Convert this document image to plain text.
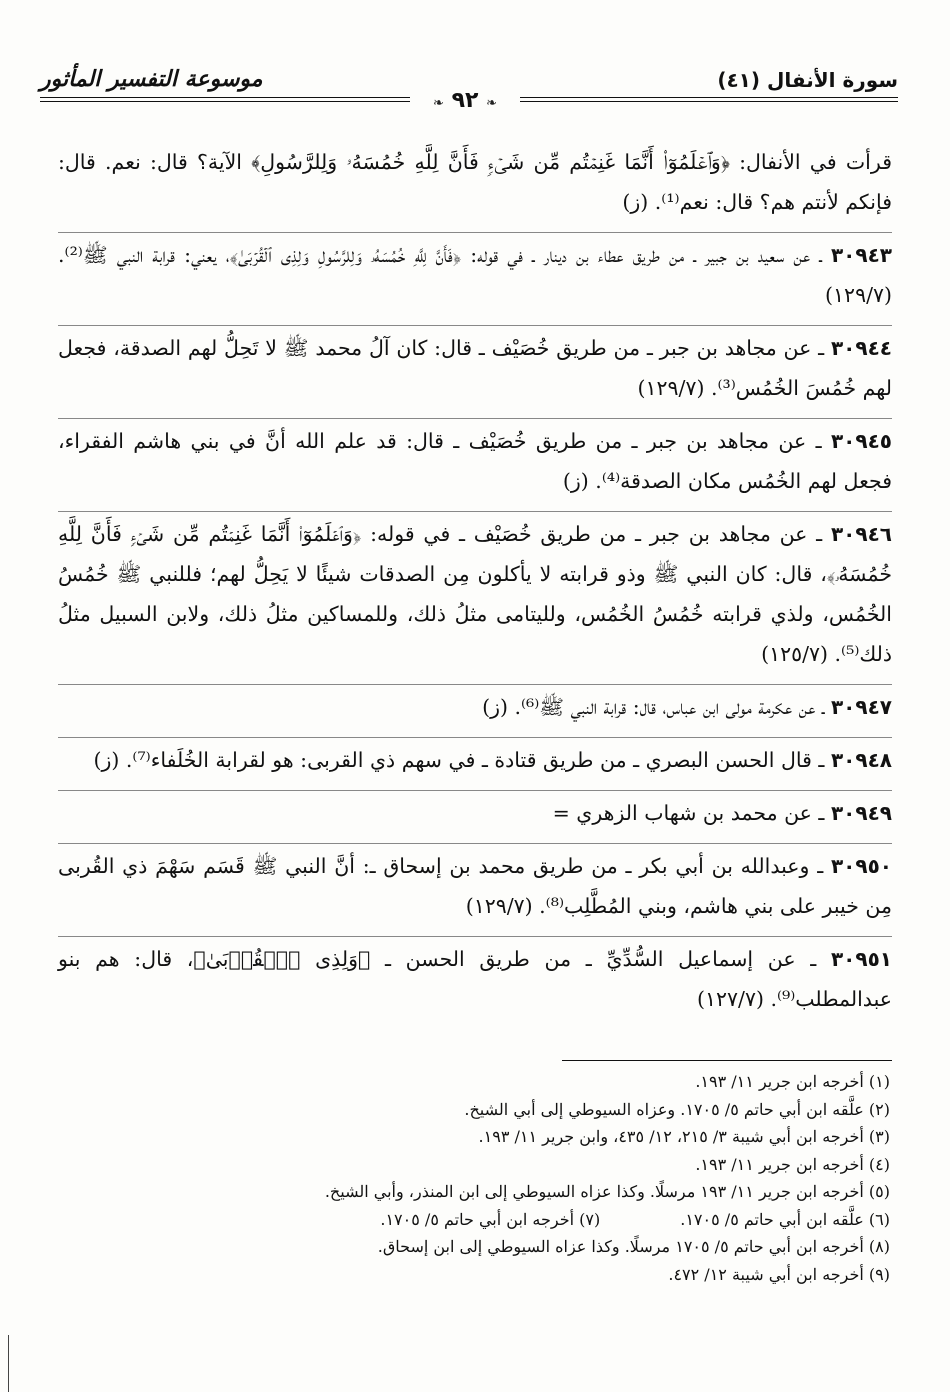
سورة الأنفال (٤١)
موسوعة التفسير المأثور
❧ ٩٢ ❧

قرأت في الأنفال: ﴿وَٱعۡلَمُوٓا۟ أَنَّمَا غَنِمۡتُم مِّن شَیۡءࣲ فَأَنَّ لِلَّهِ خُمُسَهُۥ وَلِلرَّسُولِ﴾ الآية؟ قال: نعم. قال: فإنكم لأنتم هم؟ قال: نعم⁽¹⁾. (ز)

٣٠٩٤٣ ـ عن سعيد بن جبير ـ من طريق عطاء بن دينار ـ في قوله: ﴿فَأَنَّ لِلَّهِ خُمُسَهُۥ وَلِلرَّسُولِ وَلِذِی ٱلۡقُرۡبَىٰ﴾، يعني: قرابة النبي ﷺ⁽²⁾. (١٢٩/٧)

٣٠٩٤٤ ـ عن مجاهد بن جبر ـ من طريق خُصَيْف ـ قال: كان آلُ محمد ﷺ لا تَحِلُّ لهم الصدقة، فجعل لهم خُمُسَ الخُمُس⁽³⁾. (١٢٩/٧)

٣٠٩٤٥ ـ عن مجاهد بن جبر ـ من طريق خُصَيْف ـ قال: قد علم الله أنَّ في بني هاشم الفقراء، فجعل لهم الخُمُس مكان الصدقة⁽⁴⁾. (ز)

٣٠٩٤٦ ـ عن مجاهد بن جبر ـ من طريق خُصَيْف ـ في قوله: ﴿وَٱعۡلَمُوٓا۟ أَنَّمَا غَنِمۡتُم مِّن شَیۡءࣲ فَأَنَّ لِلَّهِ خُمُسَهُۥ﴾، قال: كان النبي ﷺ وذو قرابته لا يأكلون مِن الصدقات شيئًا لا يَحِلُّ لهم؛ فللنبي ﷺ خُمُسُ الخُمُس، ولذي قرابته خُمُسُ الخُمُس، ولليتامى مثلُ ذلك، وللمساكين مثلُ ذلك، ولابن السبيل مثلُ ذلك⁽⁵⁾. (١٢٥/٧)

٣٠٩٤٧ ـ عن عكرمة مولى ابن عباس، قال: قرابة النبي ﷺ⁽⁶⁾. (ز)

٣٠٩٤٨ ـ قال الحسن البصري ـ من طريق قتادة ـ في سهم ذي القربى: هو لقرابة الخُلَفاء⁽⁷⁾. (ز)

٣٠٩٤٩ ـ عن محمد بن شهاب الزهري =

٣٠٩٥٠ ـ وعبدالله بن أبي بكر ـ من طريق محمد بن إسحاق ـ: أنَّ النبي ﷺ قَسَم سَهْمَ ذي القُربى مِن خيبر على بني هاشم، وبني المُطَّلِب⁽⁸⁾. (١٢٩/٧)

٣٠٩٥١ ـ عن إسماعيل السُّدِّيِّ ـ من طريق الحسن ـ ﴿وَلِذِی ٱلۡقُرۡبَىٰ﴾، قال: هم بنو عبدالمطلب⁽⁹⁾. (١٢٧/٧)

(١) أخرجه ابن جرير ١١/ ١٩٣.
(٢) علَّقه ابن أبي حاتم ٥/ ١٧٠٥. وعزاه السيوطي إلى أبي الشيخ.
(٣) أخرجه ابن أبي شيبة ٣/ ٢١٥، ١٢/ ٤٣٥، وابن جرير ١١/ ١٩٣.
(٤) أخرجه ابن جرير ١١/ ١٩٣.
(٥) أخرجه ابن جرير ١١/ ١٩٣ مرسلًا. وكذا عزاه السيوطي إلى ابن المنذر، وأبي الشيخ.
(٦) علَّقه ابن أبي حاتم ٥/ ١٧٠٥.
(٧) أخرجه ابن أبي حاتم ٥/ ١٧٠٥.
(٨) أخرجه ابن أبي حاتم ٥/ ١٧٠٥ مرسلًا. وكذا عزاه السيوطي إلى ابن إسحاق.
(٩) أخرجه ابن أبي شيبة ١٢/ ٤٧٢.
